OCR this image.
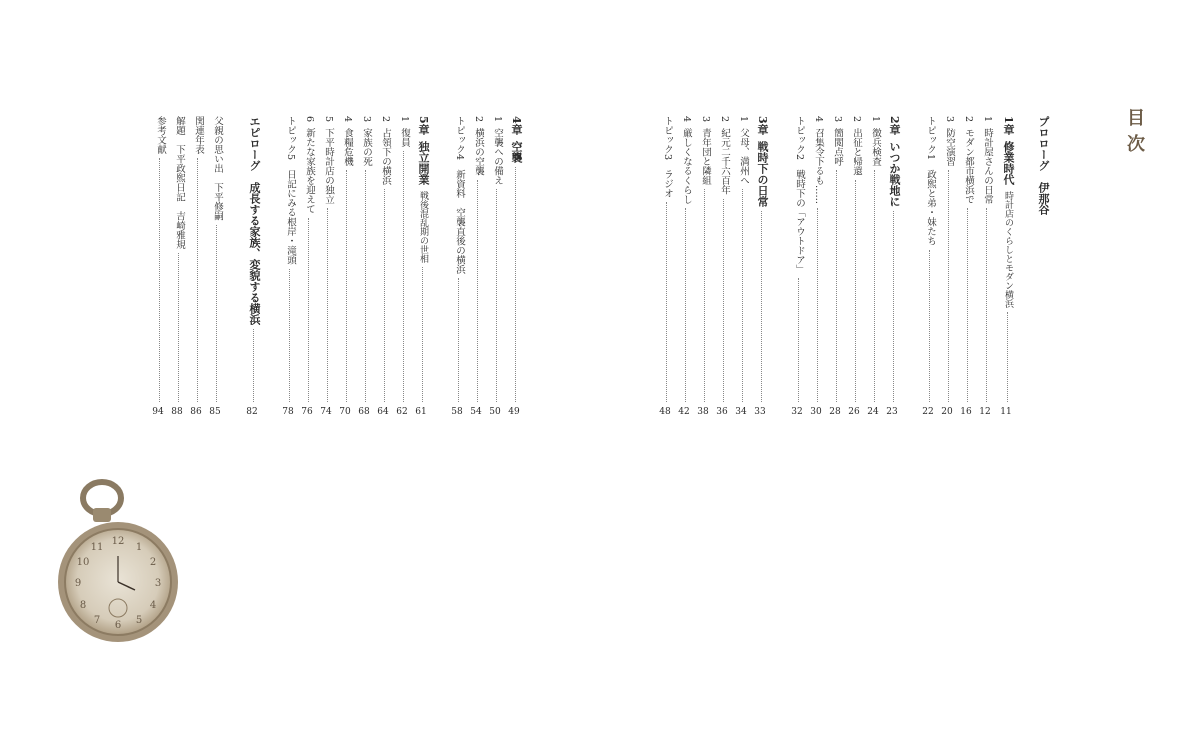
目次
プロローグ　伊那谷
1章
修業時代
時計店のくらしとモダン横浜
11
1
時計屋さんの日常
12
2
モダン都市横浜で
16
3
防空演習
20
トピック1　政煕と弟・妹たち
22
2章
いつか戦地に
23
1
徴兵検査
24
2
出征と帰還
26
3
簡閲点呼
28
4
召集令下るも……
30
トピック2　戦時下の「アウトドア」
32
3章
戦時下の日常
33
1
父母、満州へ
34
2
紀元二千六百年
36
3
青年団と隣組
38
4
厳しくなるくらし
42
トピック3　ラジオ
48
4章
空襲
49
1
空襲への備え
50
2
横浜の空襲
54
トピック4　新資料　空襲直後の横浜
58
5章
独立開業
戦後混乱期の世相
61
1
復員
62
2
占領下の横浜
64
3
家族の死
68
4
食糧危機
70
5
下平時計店の独立
74
6
新たな家族を迎えて
76
トピック5　日記にみる根岸・滝頭
78
エピローグ　成長する家族、変貌する横浜
82
父親の思い出　下平修嗣
85
関連年表
86
解題　下平政煕日記　吉崎雅規
88
参考文献
94
12
3
6
9
1
2
4
5
7
8
10
11
